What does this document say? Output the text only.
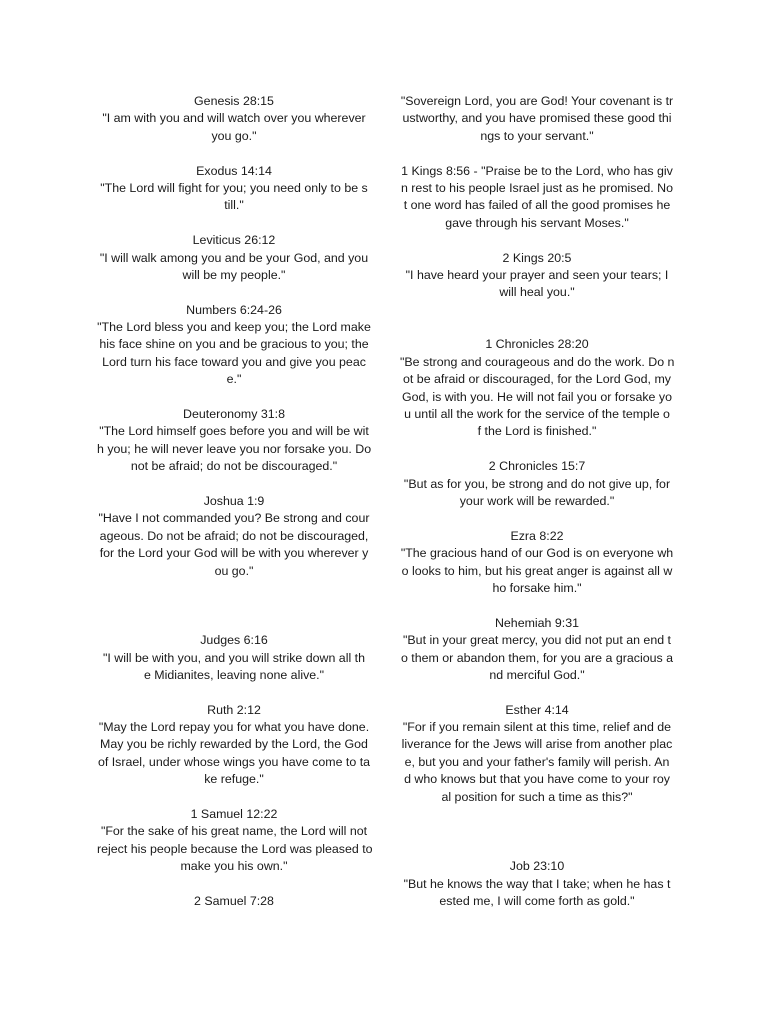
Genesis 28:15
"I am with you and will watch over you wherever
you go."
Exodus 14:14
"The Lord will fight for you; you need only to be s
till."
Leviticus 26:12
"I will walk among you and be your God, and you
will be my people."
Numbers 6:24-26
"The Lord bless you and keep you; the Lord make
his face shine on you and be gracious to you; the
Lord turn his face toward you and give you peac
e."
Deuteronomy 31:8
"The Lord himself goes before you and will be wit
h you; he will never leave you nor forsake you. Do
not be afraid; do not be discouraged."
Joshua 1:9
"Have I not commanded you? Be strong and cour
ageous. Do not be afraid; do not be discouraged,
for the Lord your God will be with you wherever y
ou go."
Judges 6:16
"I will be with you, and you will strike down all th
e Midianites, leaving none alive."
Ruth 2:12
"May the Lord repay you for what you have done.
May you be richly rewarded by the Lord, the God
of Israel, under whose wings you have come to ta
ke refuge."
1 Samuel 12:22
"For the sake of his great name, the Lord will not
reject his people because the Lord was pleased to
make you his own."
2 Samuel 7:28
"Sovereign Lord, you are God! Your covenant is tr
ustworthy, and you have promised these good thi
ngs to your servant."
1 Kings 8:56 - "Praise be to the Lord, who has giv
n rest to his people Israel just as he promised. No
t one word has failed of all the good promises he
gave through his servant Moses."
2 Kings 20:5
"I have heard your prayer and seen your tears; I
will heal you."
1 Chronicles 28:20
"Be strong and courageous and do the work. Do n
ot be afraid or discouraged, for the Lord God, my
God, is with you. He will not fail you or forsake yo
u until all the work for the service of the temple o
f the Lord is finished."
2 Chronicles 15:7
"But as for you, be strong and do not give up, for
your work will be rewarded."
Ezra 8:22
"The gracious hand of our God is on everyone wh
o looks to him, but his great anger is against all w
ho forsake him."
Nehemiah 9:31
"But in your great mercy, you did not put an end t
o them or abandon them, for you are a gracious a
nd merciful God."
Esther 4:14
"For if you remain silent at this time, relief and de
liverance for the Jews will arise from another plac
e, but you and your father's family will perish. An
d who knows but that you have come to your roy
al position for such a time as this?"
Job 23:10
"But he knows the way that I take; when he has t
ested me, I will come forth as gold."
